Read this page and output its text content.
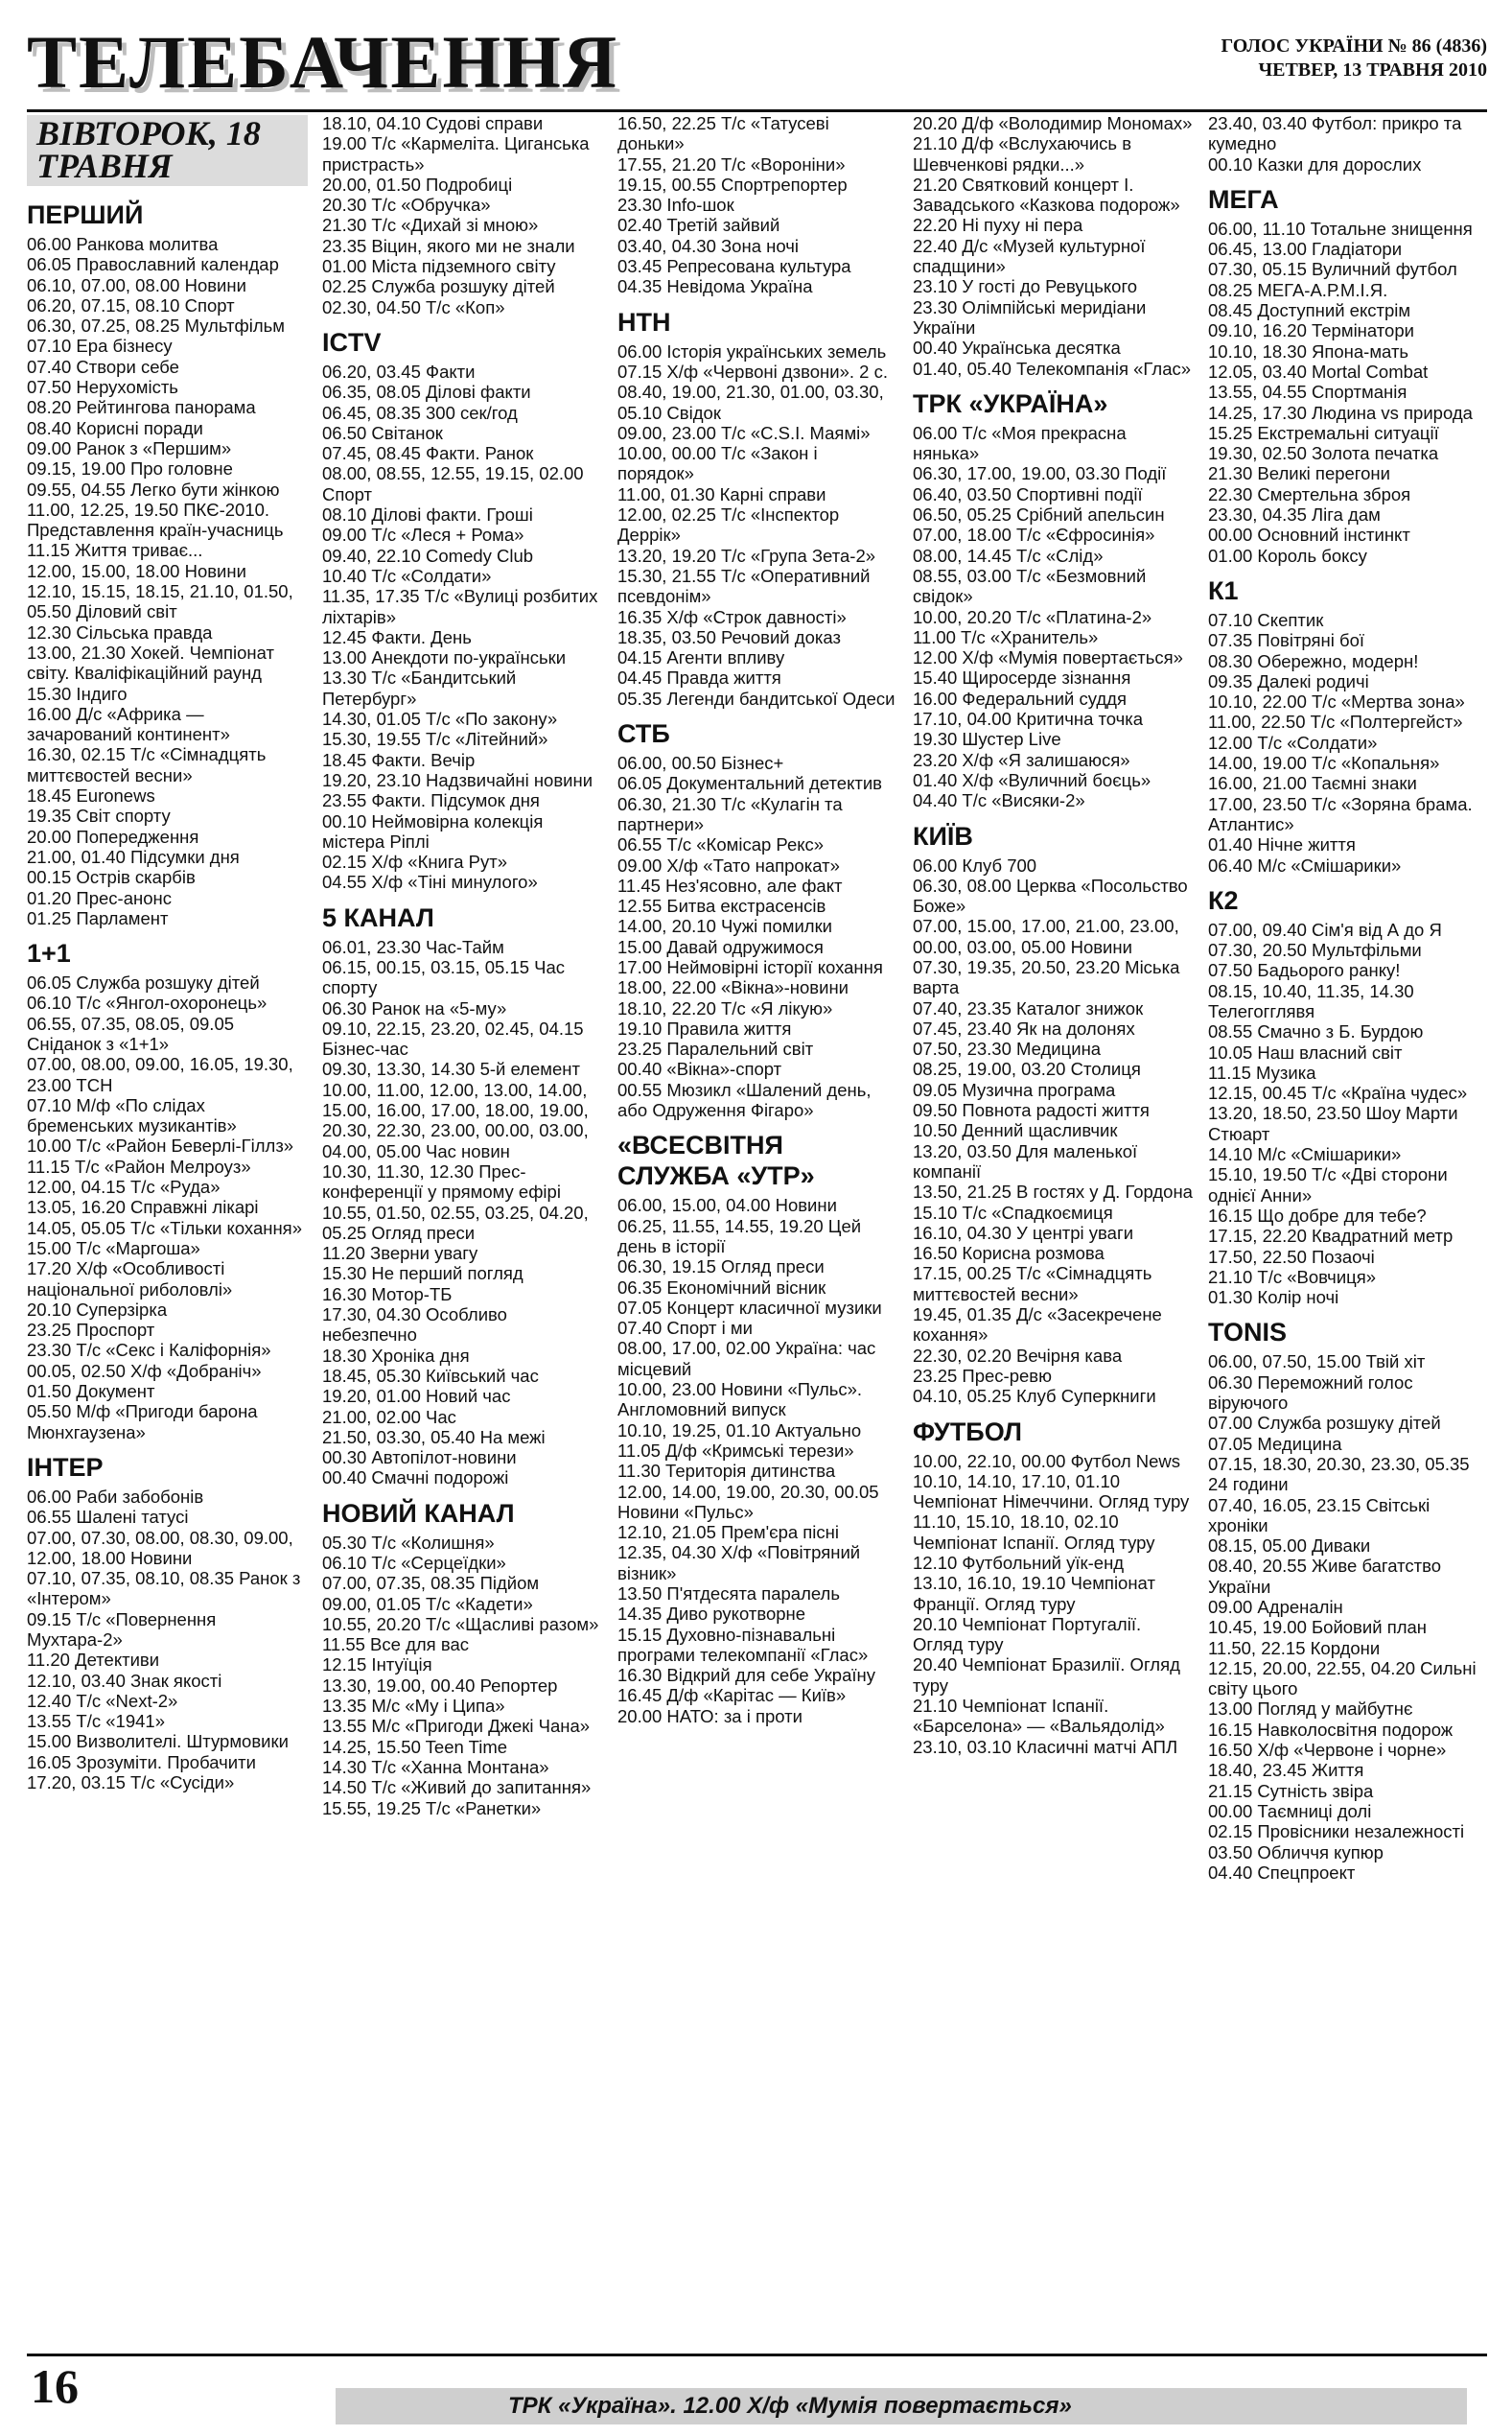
ТЕЛЕБАЧЕННЯ	ГОЛОС УКРАЇНИ № 86 (4836)
ЧЕТВЕР, 13 ТРАВНЯ 2010
ВІВТОРОК, 18 ТРАВНЯ
ПЕРШИЙ
06.00 Ранкова молитва
06.05 Православний календар
06.10, 07.00, 08.00 Новини
06.20, 07.15, 08.10 Спорт
06.30, 07.25, 08.25 Мультфільм
07.10 Ера бізнесу
07.40 Створи себе
07.50 Нерухомість
08.20 Рейтингова панорама
08.40 Корисні поради
09.00 Ранок з «Першим»
09.15, 19.00 Про головне
09.55, 04.55 Легко бути жінкою
11.00, 12.25, 19.50 ПКЄ-2010. Представлення країн-учасниць
11.15 Життя триває...
12.00, 15.00, 18.00 Новини
12.10, 15.15, 18.15, 21.10, 01.50, 05.50 Діловий світ
12.30 Сільська правда
13.00, 21.30 Хокей. Чемпіонат світу. Кваліфікаційний раунд
15.30 Індиго
16.00 Д/с «Африка — зачарований континент»
16.30, 02.15 Т/с «Сімнадцять миттєвостей весни»
18.45 Euronews
19.35 Світ спорту
20.00 Попередження
21.00, 01.40 Підсумки дня
00.15 Острів скарбів
01.20 Прес-анонс
01.25 Парламент
1+1
06.05 Служба розшуку дітей
06.10 Т/с «Янгол-охоронець»
06.55, 07.35, 08.05, 09.05 Сніданок з «1+1»
07.00, 08.00, 09.00, 16.05, 19.30, 23.00 ТСН
07.10 М/ф «По слідах бременських музикантів»
10.00 Т/с «Район Беверлі-Гіллз»
11.15 Т/с «Район Мелроуз»
12.00, 04.15 Т/с «Руда»
13.05, 16.20 Справжні лікарі
14.05, 05.05 Т/с «Тільки кохання»
15.00 Т/с «Маргоша»
17.20 Х/ф «Особливості національної риболовлі»
20.10 Суперзірка
23.25 Проспорт
23.30 Т/с «Секс і Каліфорнія»
00.05, 02.50 Х/ф «Добраніч»
01.50 Документ
05.50 М/ф «Пригоди барона Мюнхгаузена»
ІНТЕР
06.00 Раби забобонів
06.55 Шалені татусі
07.00, 07.30, 08.00, 08.30, 09.00, 12.00, 18.00 Новини
07.10, 07.35, 08.10, 08.35 Ранок з «Інтером»
09.15 Т/с «Повернення Мухтара-2»
11.20 Детективи
12.10, 03.40 Знак якості
12.40 Т/с «Next-2»
13.55 Т/с «1941»
15.00 Визволителі. Штурмовики
16.05 Зрозуміти. Пробачити
17.20, 03.15 Т/с «Сусіди»
18.10, 04.10 Судові справи
19.00 Т/с «Кармеліта. Циганська пристрасть»
20.00, 01.50 Подробиці
20.30 Т/с «Обручка»
21.30 Т/с «Дихай зі мною»
23.35 Віцин, якого ми не знали
01.00 Міста підземного світу
02.25 Служба розшуку дітей
02.30, 04.50 Т/с «Коп»
ICTV
06.20, 03.45 Факти
06.35, 08.05 Ділові факти
06.45, 08.35 300 сек/год
06.50 Світанок
07.45, 08.45 Факти. Ранок
08.00, 08.55, 12.55, 19.15, 02.00 Спорт
08.10 Ділові факти. Гроші
09.00 Т/с «Леся + Рома»
09.40, 22.10 Comedy Club
10.40 Т/с «Солдати»
11.35, 17.35 Т/с «Вулиці розбитих ліхтарів»
12.45 Факти. День
13.00 Анекдоти по-українськи
13.30 Т/с «Бандитський Петербург»
14.30, 01.05 Т/с «По закону»
15.30, 19.55 Т/с «Літейний»
18.45 Факти. Вечір
19.20, 23.10 Надзвичайні новини
23.55 Факти. Підсумок дня
00.10 Неймовірна колекція містера Ріплі
02.15 Х/ф «Книга Рут»
04.55 Х/ф «Тіні минулого»
5 КАНАЛ
06.01, 23.30 Час-Тайм
06.15, 00.15, 03.15, 05.15 Час спорту
06.30 Ранок на «5-му»
09.10, 22.15, 23.20, 02.45, 04.15 Бізнес-час
09.30, 13.30, 14.30 5-й елемент
10.00, 11.00, 12.00, 13.00, 14.00, 15.00, 16.00, 17.00, 18.00, 19.00, 20.30, 22.30, 23.00, 00.00, 03.00, 04.00, 05.00 Час новин
10.30, 11.30, 12.30 Прес-конференції у прямому ефірі
10.55, 01.50, 02.55, 03.25, 04.20, 05.25 Огляд преси
11.20 Зверни увагу
15.30 Не перший погляд
16.30 Мотор-ТБ
17.30, 04.30 Особливо небезпечно
18.30 Хроніка дня
18.45, 05.30 Київський час
19.20, 01.00 Новий час
21.00, 02.00 Час
21.50, 03.30, 05.40 На межі
00.30 Автопілот-новини
00.40 Смачні подорожі
НОВИЙ КАНАЛ
05.30 Т/с «Колишня»
06.10 Т/с «Серцеїдки»
07.00, 07.35, 08.35 Підйом
09.00, 01.05 Т/с «Кадети»
10.55, 20.20 Т/с «Щасливі разом»
11.55 Все для вас
12.15 Інтуїція
13.30, 19.00, 00.40 Репортер
13.35 М/с «Му і Ципа»
13.55 М/с «Пригоди Джекі Чана»
14.25, 15.50 Teen Time
14.30 Т/с «Ханна Монтана»
14.50 Т/с «Живий до запитання»
15.55, 19.25 Т/с «Ранетки»
16.50, 22.25 Т/с «Татусеві доньки»
17.55, 21.20 Т/с «Вороніни»
19.15, 00.55 Спортрепортер
23.30 Info-шок
02.40 Третій зайвий
03.40, 04.30 Зона ночі
03.45 Репресована культура
04.35 Невідома Україна
НТН
06.00 Історія українських земель
07.15 Х/ф «Червоні дзвони». 2 с.
08.40, 19.00, 21.30, 01.00, 03.30, 05.10 Свідок
09.00, 23.00 Т/с «C.S.I. Маямі»
10.00, 00.00 Т/с «Закон і порядок»
11.00, 01.30 Карні справи
12.00, 02.25 Т/с «Інспектор Деррік»
13.20, 19.20 Т/с «Група Зета-2»
15.30, 21.55 Т/с «Оперативний псевдонім»
16.35 Х/ф «Строк давності»
18.35, 03.50 Речовий доказ
04.15 Агенти впливу
04.45 Правда життя
05.35 Легенди бандитської Одеси
СТБ
06.00, 00.50 Бізнес+
06.05 Документальний детектив
06.30, 21.30 Т/с «Кулагін та партнери»
06.55 Т/с «Комісар Рекс»
09.00 Х/ф «Тато напрокат»
11.45 Нез'ясовно, але факт
12.55 Битва екстрасенсів
14.00, 20.10 Чужі помилки
15.00 Давай одружимося
17.00 Неймовірні історії кохання
18.00, 22.00 «Вікна»-новини
18.10, 22.20 Т/с «Я лікую»
19.10 Правила життя
23.25 Паралельний світ
00.40 «Вікна»-спорт
00.55 Мюзикл «Шалений день, або Одруження Фігаро»
«ВСЕСВІТНЯ СЛУЖБА «УТР»
06.00, 15.00, 04.00 Новини
06.25, 11.55, 14.55, 19.20 Цей день в історії
06.30, 19.15 Огляд преси
06.35 Економічний вісник
07.05 Концерт класичної музики
07.40 Спорт і ми
08.00, 17.00, 02.00 Україна: час місцевий
10.00, 23.00 Новини «Пульс». Англомовний випуск
10.10, 19.25, 01.10 Актуально
11.05 Д/ф «Кримські терези»
11.30 Територія дитинства
12.00, 14.00, 19.00, 20.30, 00.05 Новини «Пульс»
12.10, 21.05 Прем'єра пісні
12.35, 04.30 Х/ф «Повітряний візник»
13.50 П'ятдесята паралель
14.35 Диво рукотворне
15.15 Духовно-пізнавальні програми телекомпанії «Глас»
16.30 Відкрий для себе Україну
16.45 Д/ф «Карітас — Київ»
20.00 НАТО: за і проти
20.20 Д/ф «Володимир Мономах»
21.10 Д/ф «Вслухаючись в Шевченкові рядки...»
21.20 Святковий концерт І. Завадського «Казкова подорож»
22.20 Ні пуху ні пера
22.40 Д/с «Музей культурної спадщини»
23.10 У гості до Ревуцького
23.30 Олімпійські меридіани України
00.40 Українська десятка
01.40, 05.40 Телекомпанія «Глас»
ТРК «УКРАЇНА»
06.00 Т/с «Моя прекрасна нянька»
06.30, 17.00, 19.00, 03.30 Події
06.40, 03.50 Спортивні події
06.50, 05.25 Срібний апельсин
07.00, 18.00 Т/с «Єфросинія»
08.00, 14.45 Т/с «Слід»
08.55, 03.00 Т/с «Безмовний свідок»
10.00, 20.20 Т/с «Платина-2»
11.00 Т/с «Хранитель»
12.00 Х/ф «Мумія повертається»
15.40 Щиросерде зізнання
16.00 Федеральний суддя
17.10, 04.00 Критична точка
19.30 Шустер Live
23.20 Х/ф «Я залишаюся»
01.40 Х/ф «Вуличний боєць»
04.40 Т/с «Висяки-2»
КИЇВ
06.00 Клуб 700
06.30, 08.00 Церква «Посольство Боже»
07.00, 15.00, 17.00, 21.00, 23.00, 00.00, 03.00, 05.00 Новини
07.30, 19.35, 20.50, 23.20 Міська варта
07.40, 23.35 Каталог знижок
07.45, 23.40 Як на долонях
07.50, 23.30 Медицина
08.25, 19.00, 03.20 Столиця
09.05 Музична програма
09.50 Повнота радості життя
10.50 Денний щасливчик
13.20, 03.50 Для маленької компанії
13.50, 21.25 В гостях у Д. Гордона
15.10 Т/с «Спадкоємиця
16.10, 04.30 У центрі уваги
16.50 Корисна розмова
17.15, 00.25 Т/с «Сімнадцять миттєвостей весни»
19.45, 01.35 Д/с «Засекречене кохання»
22.30, 02.20 Вечірня кава
23.25 Прес-ревю
04.10, 05.25 Клуб Суперкниги
ФУТБОЛ
10.00, 22.10, 00.00 Футбол News
10.10, 14.10, 17.10, 01.10 Чемпіонат Німеччини. Огляд туру
11.10, 15.10, 18.10, 02.10 Чемпіонат Іспанії. Огляд туру
12.10 Футбольний уїк-енд
13.10, 16.10, 19.10 Чемпіонат Франції. Огляд туру
20.10 Чемпіонат Португалії. Огляд туру
20.40 Чемпіонат Бразилії. Огляд туру
21.10 Чемпіонат Іспанії. «Барселона» — «Вальядолід»
23.10, 03.10 Класичні матчі АПЛ
23.40, 03.40 Футбол: прикро та кумедно
00.10 Казки для дорослих
МЕГА
06.00, 11.10 Тотальне знищення
06.45, 13.00 Гладіатори
07.30, 05.15 Вуличний футбол
08.25 МЕГА-А.Р.М.І.Я.
08.45 Доступний екстрім
09.10, 16.20 Термінатори
10.10, 18.30 Япона-мать
12.05, 03.40 Mortal Combat
13.55, 04.55 Спортманія
14.25, 17.30 Людина vs природа
15.25 Екстремальні ситуації
19.30, 02.50 Золота печатка
21.30 Великі перегони
22.30 Смертельна зброя
23.30, 04.35 Ліга дам
00.00 Основний інстинкт
01.00 Король боксу
К1
07.10 Скептик
07.35 Повітряні бої
08.30 Обережно, модерн!
09.35 Далекі родичі
10.10, 22.00 Т/с «Мертва зона»
11.00, 22.50 Т/с «Полтергейст»
12.00 Т/с «Солдати»
14.00, 19.00 Т/с «Копальня»
16.00, 21.00 Таємні знаки
17.00, 23.50 Т/с «Зоряна брама. Атлантис»
01.40 Нічне життя
06.40 М/с «Смішарики»
К2
07.00, 09.40 Сім'я від А до Я
07.30, 20.50 Мультфільми
07.50 Бадьорого ранку!
08.15, 10.40, 11.35, 14.30 Телегогглявя
08.55 Смачно з Б. Бурдою
10.05 Наш власний світ
11.15 Музика
12.15, 00.45 Т/с «Країна чудес»
13.20, 18.50, 23.50 Шоу Марти Стюарт
14.10 М/с «Смішарики»
15.10, 19.50 Т/с «Дві сторони однієї Анни»
16.15 Що добре для тебе?
17.15, 22.20 Квадратний метр
17.50, 22.50 Позаочі
21.10 Т/с «Вовчиця»
01.30 Колір ночі
TONIS
06.00, 07.50, 15.00 Твій хіт
06.30 Переможний голос віруючого
07.00 Служба розшуку дітей
07.05 Медицина
07.15, 18.30, 20.30, 23.30, 05.35 24 години
07.40, 16.05, 23.15 Світські хроніки
08.15, 05.00 Диваки
08.40, 20.55 Живе багатство України
09.00 Адреналін
10.45, 19.00 Бойовий план
11.50, 22.15 Кордони
12.15, 20.00, 22.55, 04.20 Сильні світу цього
13.00 Погляд у майбутнє
16.15 Навколосвітня подорож
16.50 Х/ф «Червоне і чорне»
18.40, 23.45 Життя
21.15 Сутність звіра
00.00 Таємниці долі
02.15 Провісники незалежності
03.50 Обличчя купюр
04.40 Спецпроект
16	ТРК «Україна». 12.00 Х/ф «Мумія повертається»
